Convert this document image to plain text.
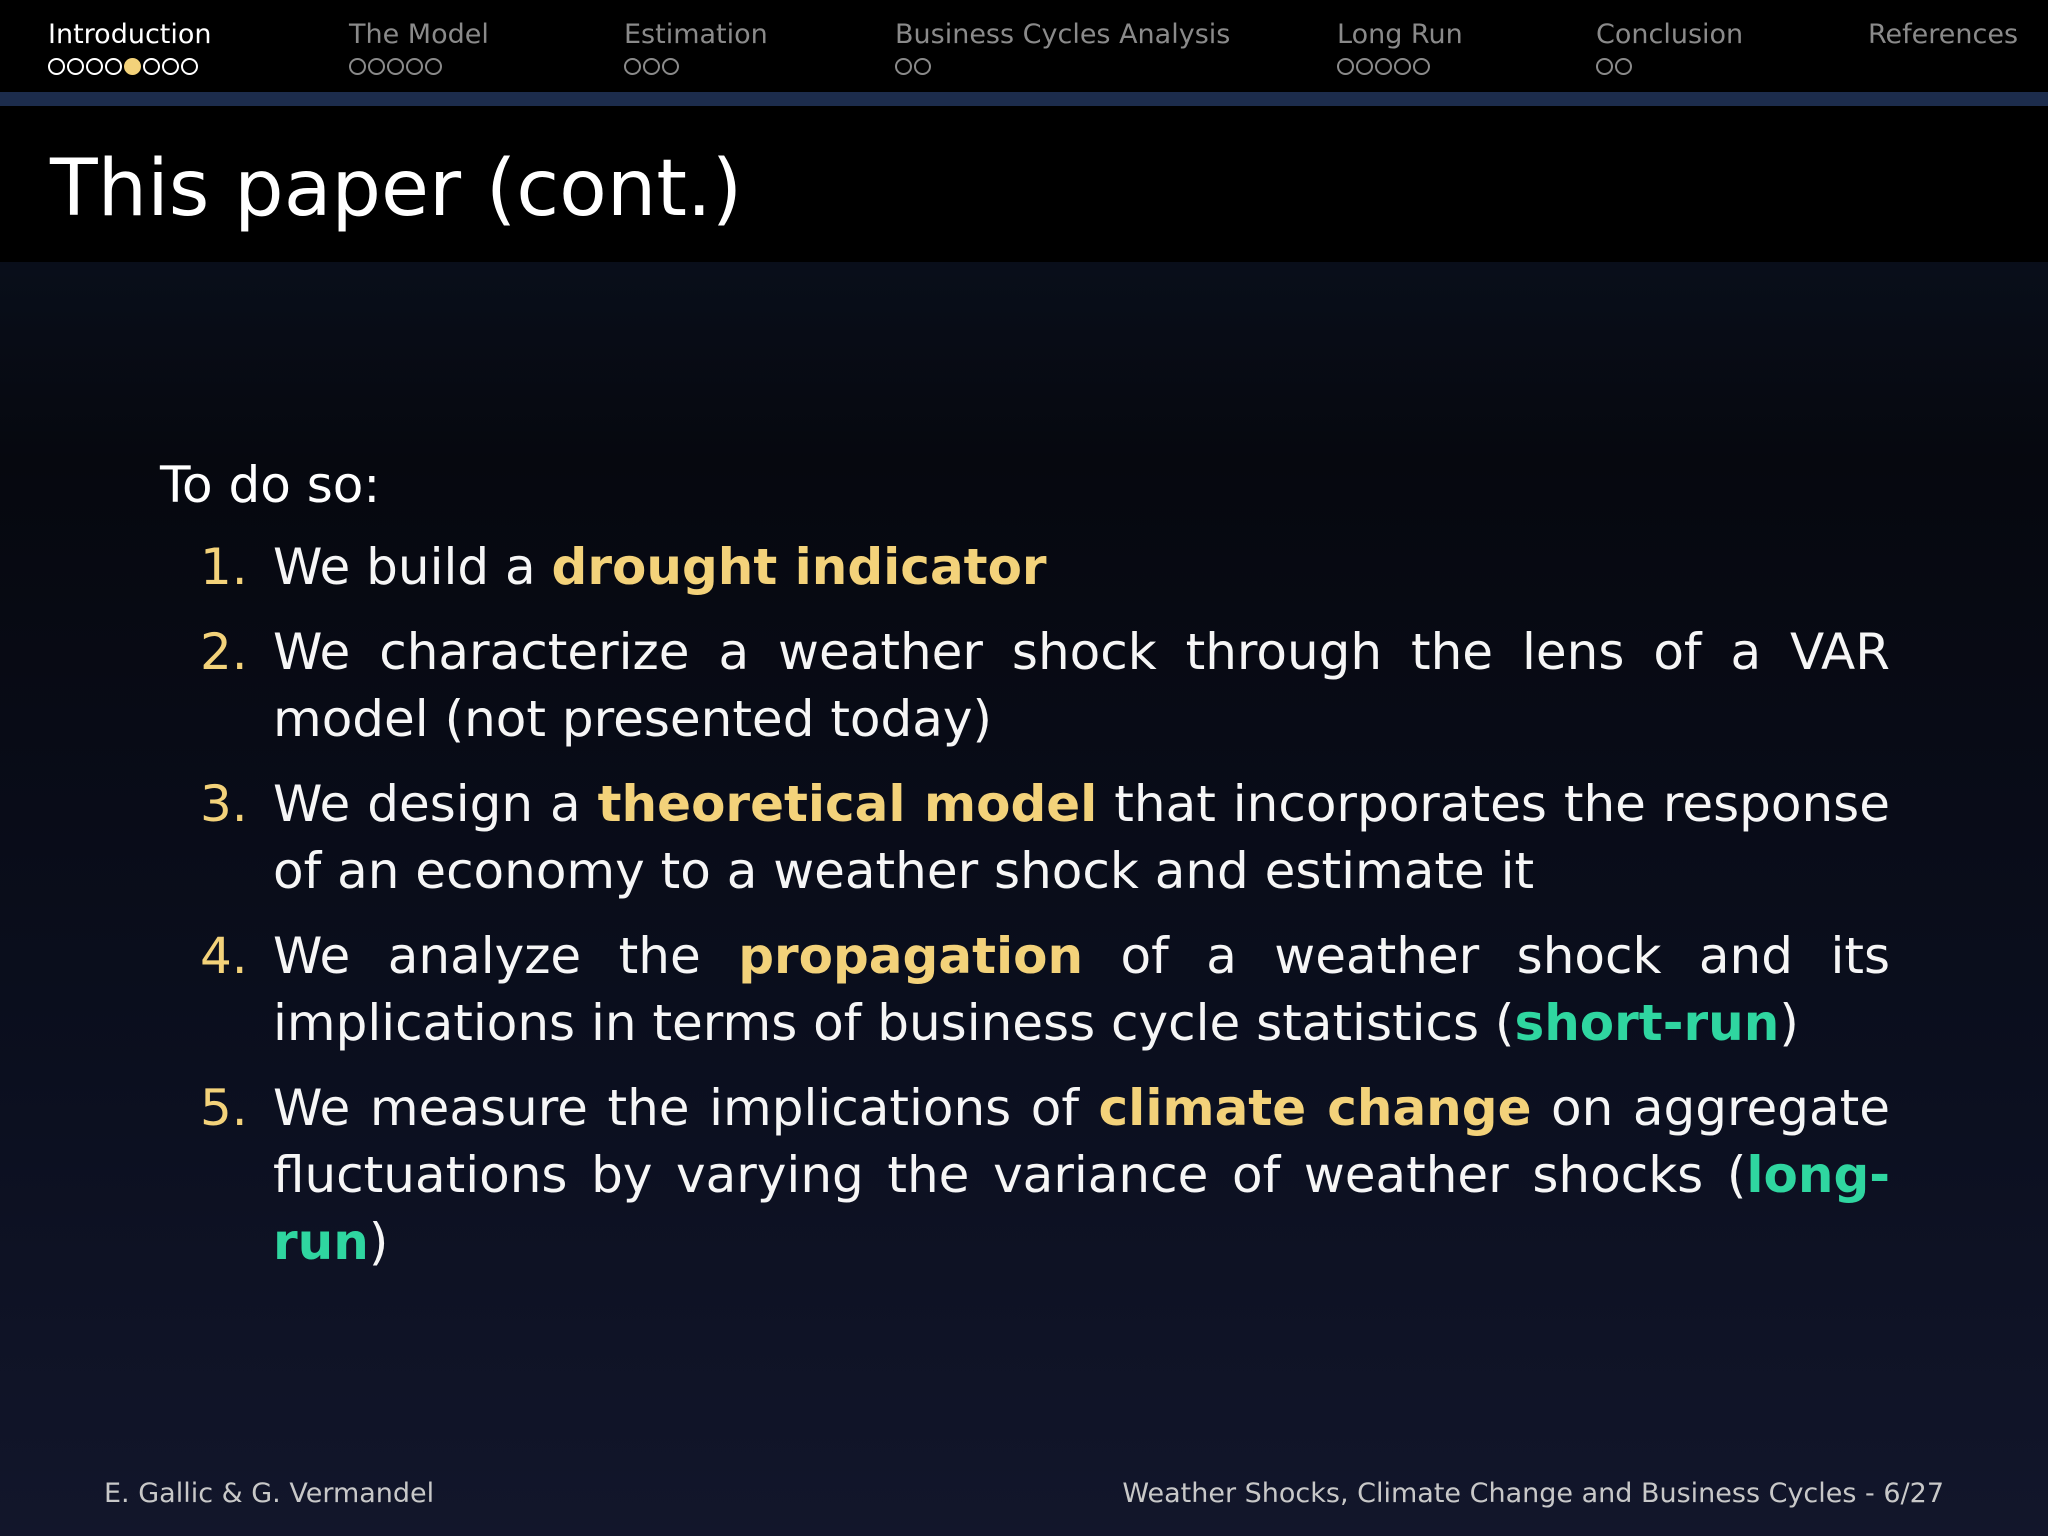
Introduction	The Model	Estimation	Business Cycles Analysis	Long Run	Conclusion	References
This paper (cont.)
To do so:
1. We build a drought indicator
2. We characterize a weather shock through the lens of a VAR model (not presented today)
3. We design a theoretical model that incorporates the response of an economy to a weather shock and estimate it
4. We analyze the propagation of a weather shock and its implications in terms of business cycle statistics (short-run)
5. We measure the implications of climate change on aggregate fluctuations by varying the variance of weather shocks (long-run)
E. Gallic & G. Vermandel	Weather Shocks, Climate Change and Business Cycles - 6/27
